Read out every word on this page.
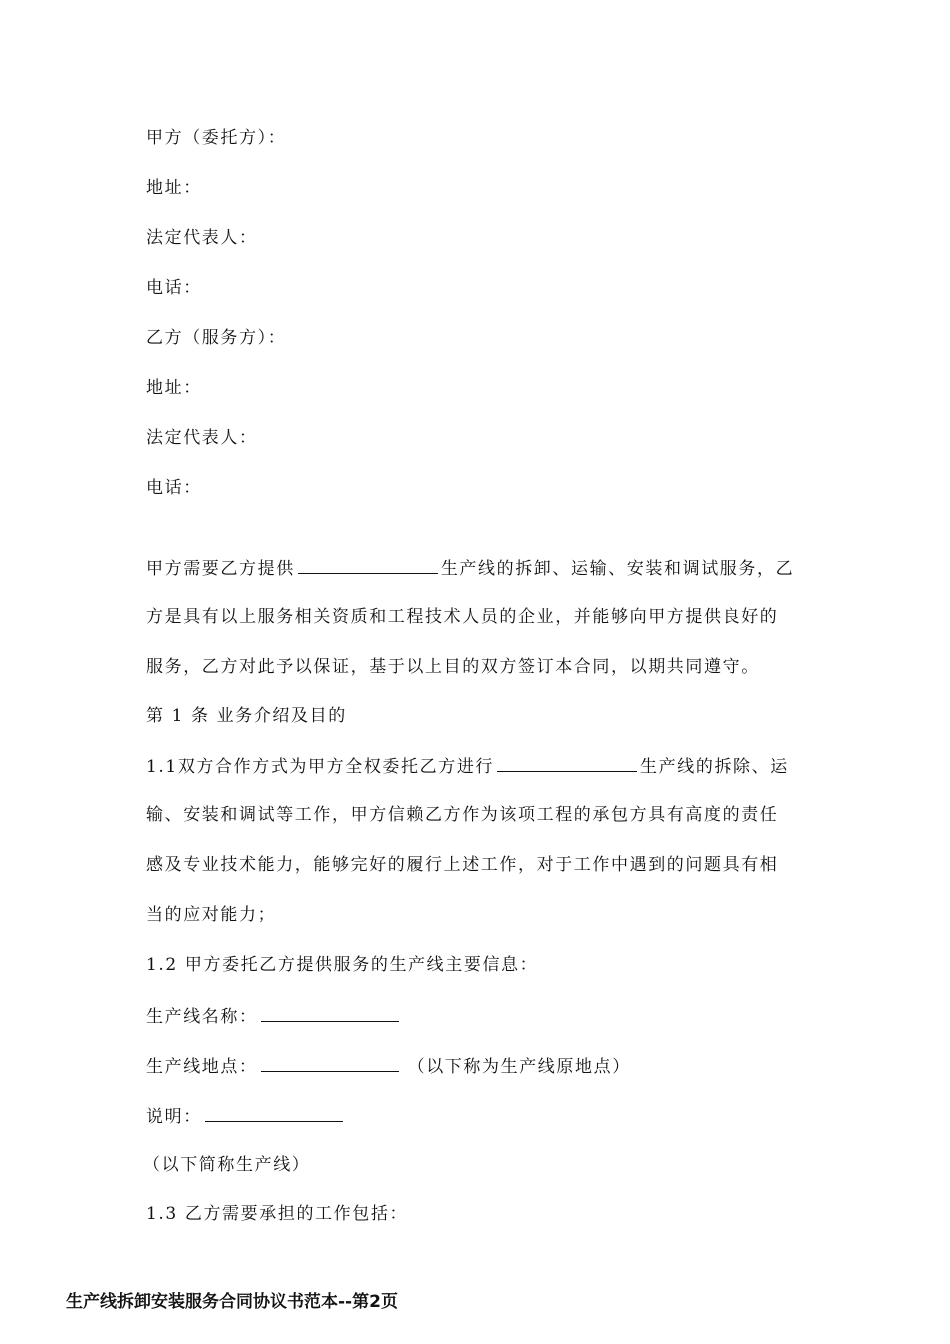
甲方（委托方）：
地址：
法定代表人：
电话：
乙方（服务方）：
地址：
法定代表人：
电话：
甲方需要乙方提供	生产线的拆卸、运输、安装和调试服务，乙
方是具有以上服务相关资质和工程技术人员的企业，并能够向甲方提供良好的
服务，乙方对此予以保证，基于以上目的双方签订本合同，以期共同遵守。
第 1 条 业务介绍及目的
1.1双方合作方式为甲方全权委托乙方进行	生产线的拆除、运
输、安装和调试等工作，甲方信赖乙方作为该项工程的承包方具有高度的责任
感及专业技术能力，能够完好的履行上述工作，对于工作中遇到的问题具有相
当的应对能力；
1.2 甲方委托乙方提供服务的生产线主要信息：
生产线名称：
生产线地点：	（以下称为生产线原地点）
说明：
（以下简称生产线）
1.3 乙方需要承担的工作包括：
生产线拆卸安装服务合同协议书范本--第2页
